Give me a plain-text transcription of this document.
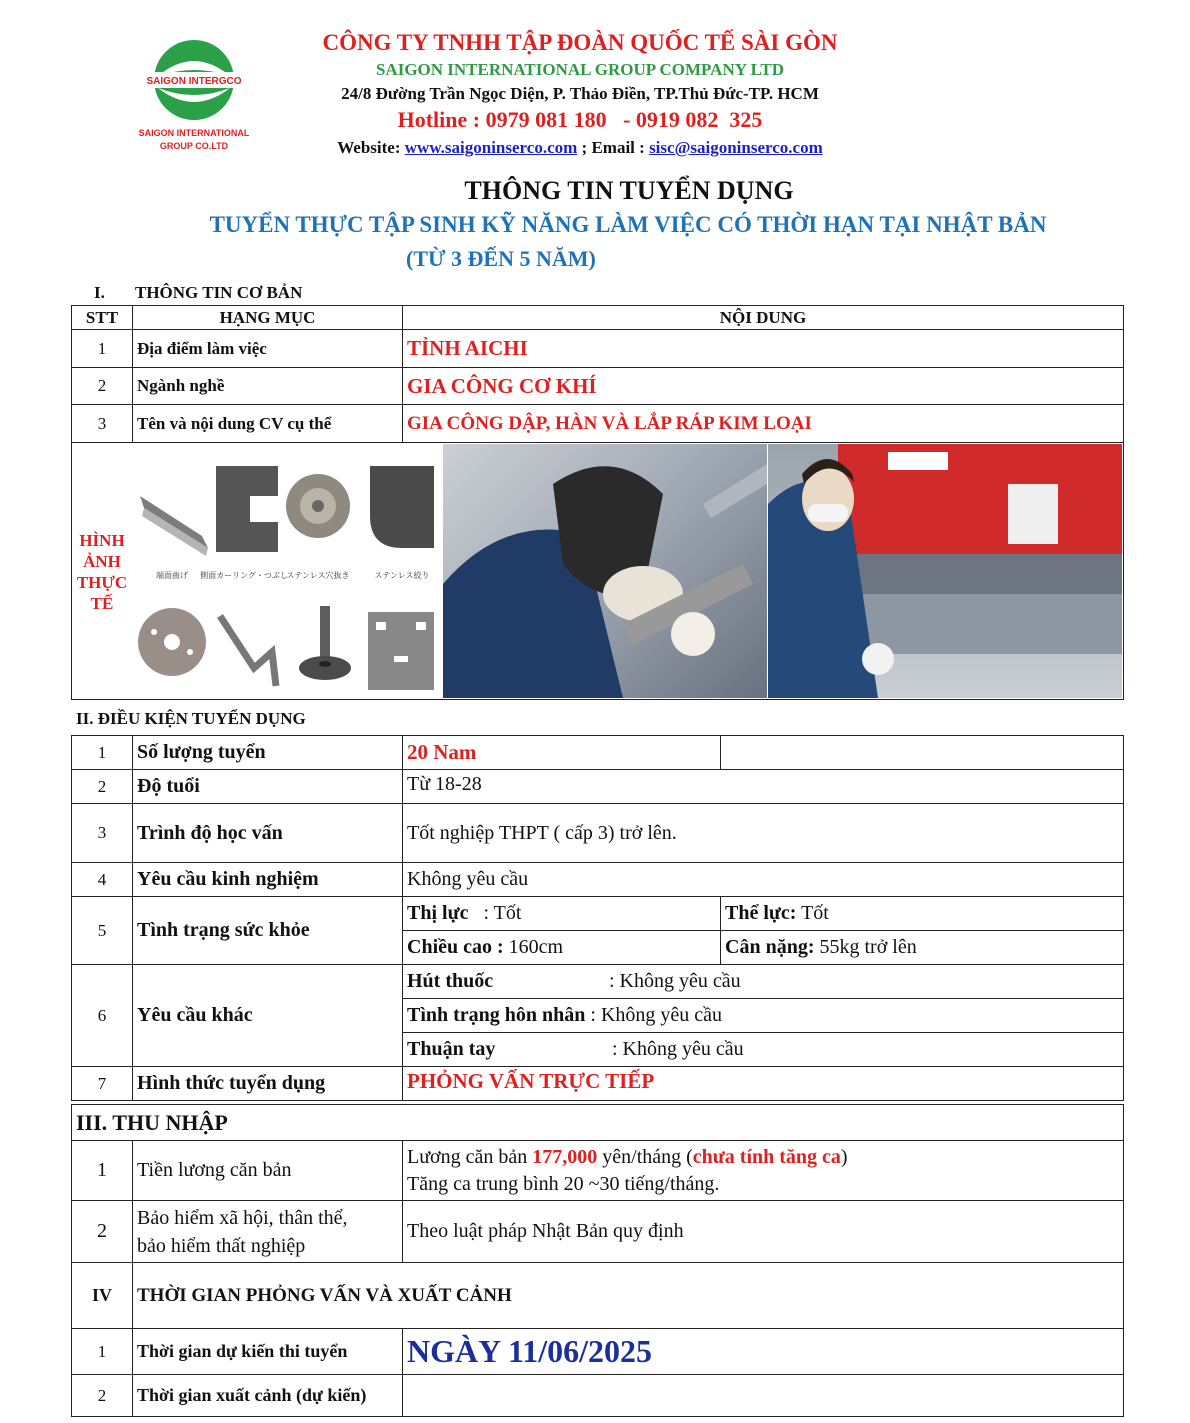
SAIGON INTERGCO
SAIGON INTERNATIONAL
GROUP CO.LTD
CÔNG TY TNHH TẬP ĐOÀN QUỐC TẾ SÀI GÒN
SAIGON INTERNATIONAL GROUP COMPANY LTD
24/8 Đường Trần Ngọc Diện, P. Thảo Điền, TP.Thủ Đức-TP. HCM
Hotline : 0979 081 180   - 0919 082  325
Website: www.saigoninserco.com ; Email : sisc@saigoninserco.com
THÔNG TIN TUYỂN DỤNG
TUYỂN THỰC TẬP SINH KỸ NĂNG LÀM VIỆC CÓ THỜI HẠN TẠI NHẬT BẢN
(TỪ 3 ĐẾN 5 NĂM)
I. THÔNG TIN CƠ BẢN
STT	HẠNG MỤC	NỘI DUNG
1	Địa điểm làm việc	TỈNH AICHI
2	Ngành nghề	GIA CÔNG CƠ KHÍ
3	Tên và nội dung CV cụ thể	GIA CÔNG DẬP, HÀN VÀ LẮP RÁP KIM LOẠI
HÌNH
ẢNH
THỰC
TẾ
端面曲げ 側面カーリング・つぶし
ステンレス穴抜き	ステンレス絞り
II. ĐIỀU KIỆN TUYỂN DỤNG
1	Số lượng tuyển	20 Nam	
2	Độ tuổi	Từ 18-28	
3	Trình độ học vấn	Tốt nghiệp THPT ( cấp 3) trở lên.	
4	Yêu cầu kinh nghiệm	Không yêu cầu	
5	Tình trạng sức khỏe	Thị lực   : Tốt	Thể lực: Tốt
		Chiều cao : 160cm	Cân nặng: 55kg trở lên
6	Yêu cầu khác	Hút thuốc : Không yêu cầu	
		Tình trạng hôn nhân : Không yêu cầu	
		Thuận tay : Không yêu cầu	
7	Hình thức tuyển dụng	PHỎNG VẤN TRỰC TIẾP	
III. THU NHẬP		
1	Tiền lương căn bản	Lương căn bản 177,000 yên/tháng (chưa tính tăng ca)
Tăng ca trung bình 20 ~30 tiếng/tháng.

2	Bảo hiểm xã hội, thân thể,
bảo hiểm thất nghiệp	Theo luật pháp Nhật Bản quy định
IV	THỜI GIAN PHỎNG VẤN VÀ XUẤT CẢNH	
1	Thời gian dự kiến thi tuyển	NGÀY 11/06/2025
2	Thời gian xuất cảnh (dự kiến)	
